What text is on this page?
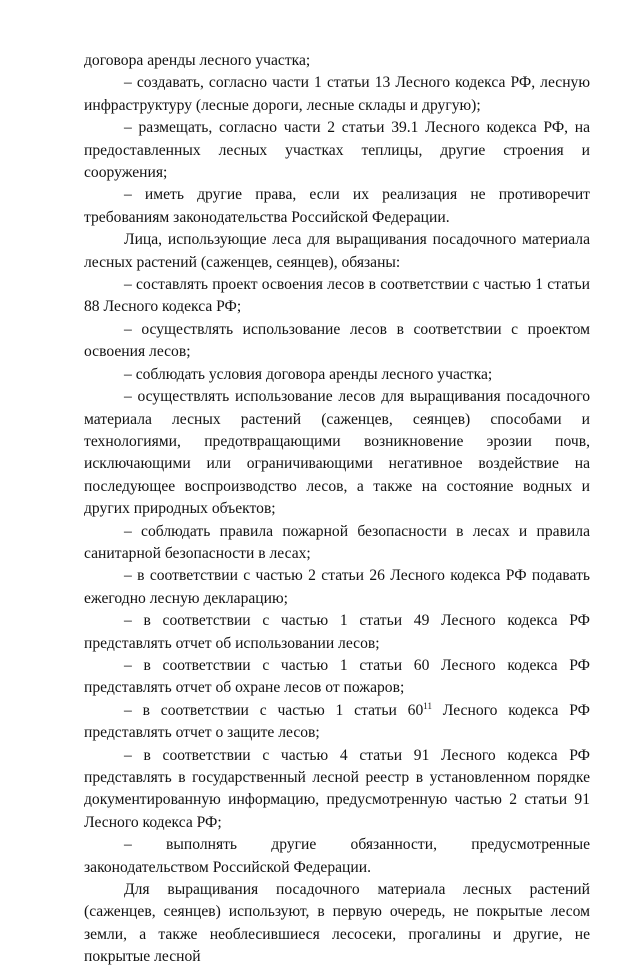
договора аренды лесного участка;

– создавать, согласно части 1 статьи 13 Лесного кодекса РФ, лесную инфраструктуру (лесные дороги, лесные склады и другую);

– размещать, согласно части 2 статьи 39.1 Лесного кодекса РФ, на предоставленных лесных участках теплицы, другие строения и сооружения;

– иметь другие права, если их реализация не противоречит требованиям законодательства Российской Федерации.

Лица, использующие леса для выращивания посадочного материала лесных растений (саженцев, сеянцев), обязаны:

– составлять проект освоения лесов в соответствии с частью 1 статьи 88 Лесного кодекса РФ;

– осуществлять использование лесов в соответствии с проектом освоения лесов;

– соблюдать условия договора аренды лесного участка;

– осуществлять использование лесов для выращивания посадочного материала лесных растений (саженцев, сеянцев) способами и технологиями, предотвращающими возникновение эрозии почв, исключающими или ограничивающими негативное воздействие на последующее воспроизводство лесов, а также на состояние водных и других природных объектов;

– соблюдать правила пожарной безопасности в лесах и правила санитарной безопасности в лесах;

– в соответствии с частью 2 статьи 26 Лесного кодекса РФ подавать ежегодно лесную декларацию;

– в соответствии с частью 1 статьи 49 Лесного кодекса РФ представлять отчет об использовании лесов;

– в соответствии с частью 1 статьи 60 Лесного кодекса РФ представлять отчет об охране лесов от пожаров;

– в соответствии с частью 1 статьи $60^{11}$ Лесного кодекса РФ представлять отчет о защите лесов;

– в соответствии с частью 4 статьи 91 Лесного кодекса РФ представлять в государственный лесной реестр в установленном порядке документированную информацию, предусмотренную частью 2 статьи 91 Лесного кодекса РФ;

– выполнять другие обязанности, предусмотренные законодательством Российской Федерации.

Для выращивания посадочного материала лесных растений (саженцев, сеянцев) используют, в первую очередь, не покрытые лесом земли, а также необлесившиеся лесосеки, прогалины и другие, не покрытые лесной
